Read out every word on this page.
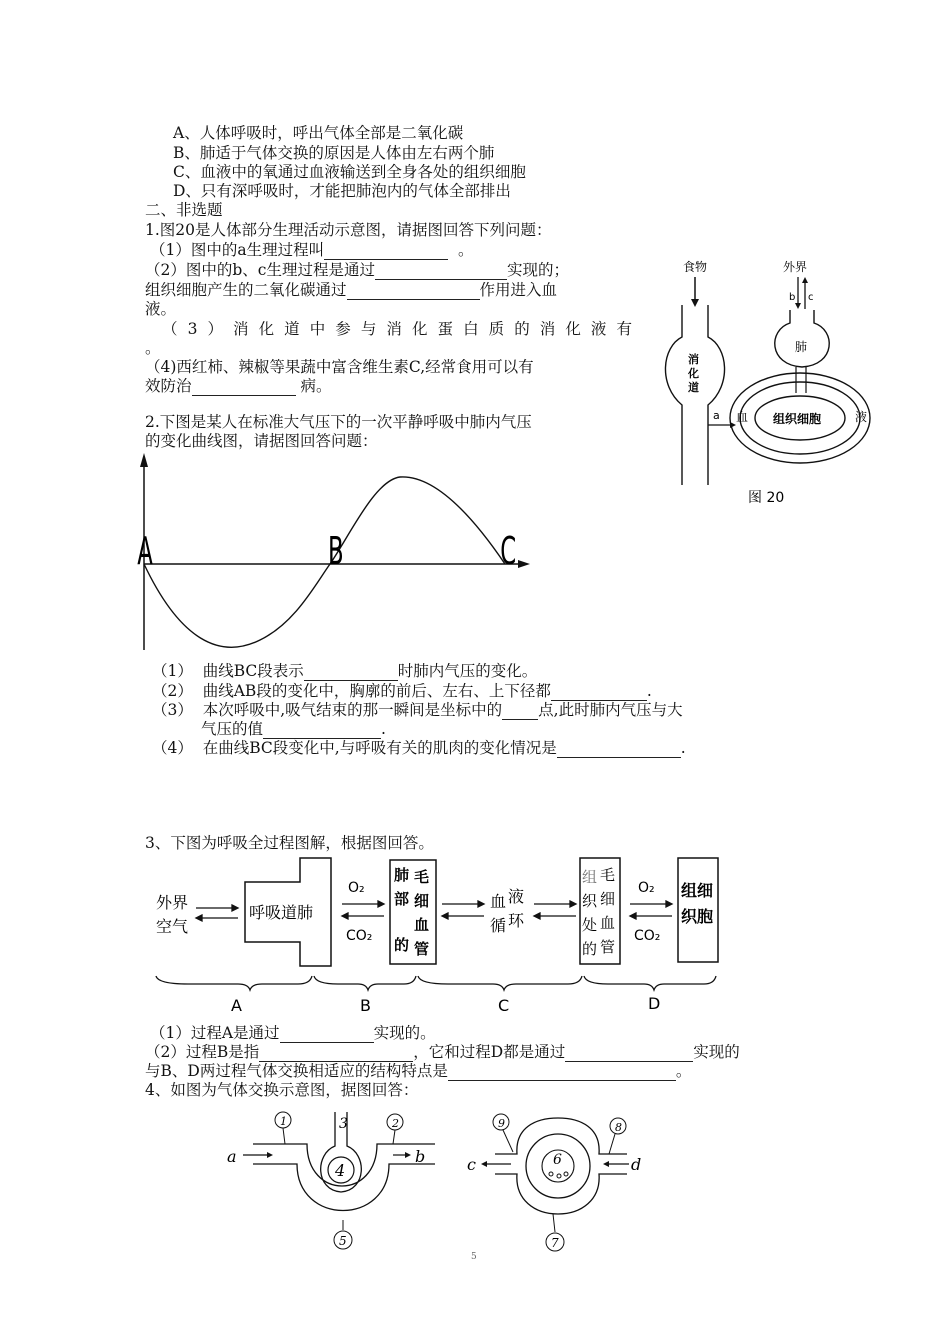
A、人体呼吸时，呼出气体全部是二氧化碳
B、肺适于气体交换的原因是人体由左右两个肺
C、血液中的氧通过血液输送到全身各处的组织细胞
D、只有深呼吸时，才能把肺泡内的气体全部排出
二、非选题
1.图20是人体部分生理活动示意图，请据图回答下列问题：
（1）图中的a生理过程叫	。
（2）图中的b、c生理过程是通过	实现的；
组织细胞产生的二氧化碳通过	作用进入血
液。
（3）消化道中参与消化蛋白质的消化液有
。
（4)西红柿、辣椒等果蔬中富含维生素C,经常食用可以有
效防治	病。
食物
消
化
道
外界
b c
肺
组织细胞
血	液
a
图 20
2.下图是某人在标准大气压下的一次平静呼吸中肺内气压
的变化曲线图，请据图回答问题：
A	B	C
（1） 曲线BC段表示	时肺内气压的变化。
（2） 曲线AB段的变化中，胸廓的前后、左右、上下径都	.
（3） 本次呼吸中,吸气结束的那一瞬间是坐标中的 点,此时肺内气压与大
气压的值	.
（4） 在曲线BC段变化中,与呼吸有关的肌肉的变化情况是	.
3、下图为呼吸全过程图解，根据图回答。
外界
空气
呼吸道肺
O₂
CO₂
肺
部
的
毛
细
血
管
血
循
液
环
组
织
处
的
毛
细
血
管
O₂
CO₂
组细
织胞
A	B	C	D
（1）过程A是通过	实现的。
（2）过程B是指	，它和过程D都是通过	实现的
与B、D两过程气体交换相适应的结构特点是	。
4、如图为气体交换示意图，据图回答：
4
3
1	2
a	b
5
6
9	8
c	d
7
5
